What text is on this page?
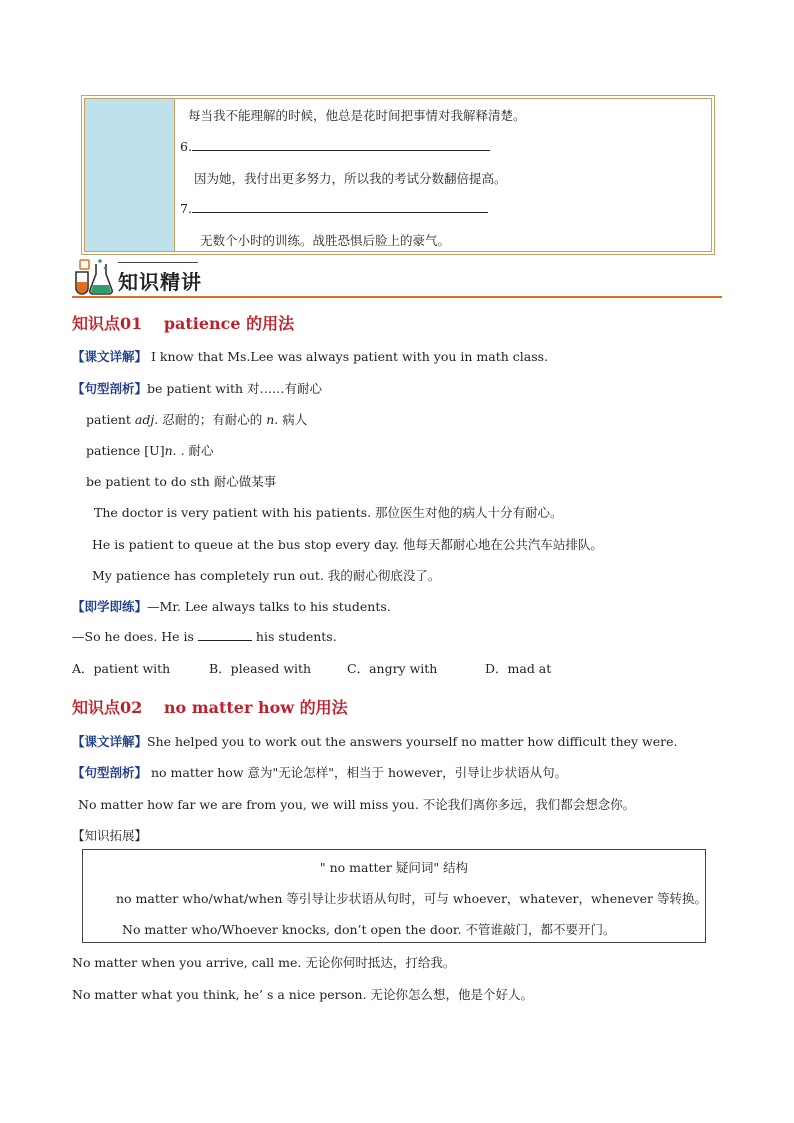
每当我不能理解的时候，他总是花时间把事情对我解释清楚。
6.
因为她，我付出更多努力，所以我的考试分数翻倍提高。
7.
无数个小时的训练。战胜恐惧后脸上的豪气。
知识精讲
知识点01　 patience 的用法
【课文详解】 I know that Ms.Lee was always patient with you in math class.
【句型剖析】be patient with 对……有耐心
patient adj. 忍耐的；有耐心的 n. 病人
patience [U]n. . 耐心
be patient to do sth 耐心做某事
The doctor is very patient with his patients. 那位医生对他的病人十分有耐心。
He is patient to queue at the bus stop every day. 他每天都耐心地在公共汽车站排队。
My patience has completely run out. 我的耐心彻底没了。
【即学即练】—Mr. Lee always talks to his students.
—So he does. He is	his students.
A．patient with	B．pleased with	C．angry with	D．mad at
知识点02　 no matter how 的用法
【课文详解】She helped you to work out the answers yourself no matter how difficult they were.
【句型剖析】 no matter how 意为"无论怎样"，相当于 however，引导让步状语从句。
No matter how far we are from you, we will miss you. 不论我们离你多远，我们都会想念你。
【知识拓展】
" no matter 疑问词" 结构
no matter who/what/when 等引导让步状语从句时，可与 whoever，whatever，whenever 等转换。
No matter who/Whoever knocks, don’t open the door. 不管谁敲门，都不要开门。
No matter when you arrive, call me. 无论你何时抵达，打给我。
No matter what you think, he’ s a nice person. 无论你怎么想，他是个好人。
